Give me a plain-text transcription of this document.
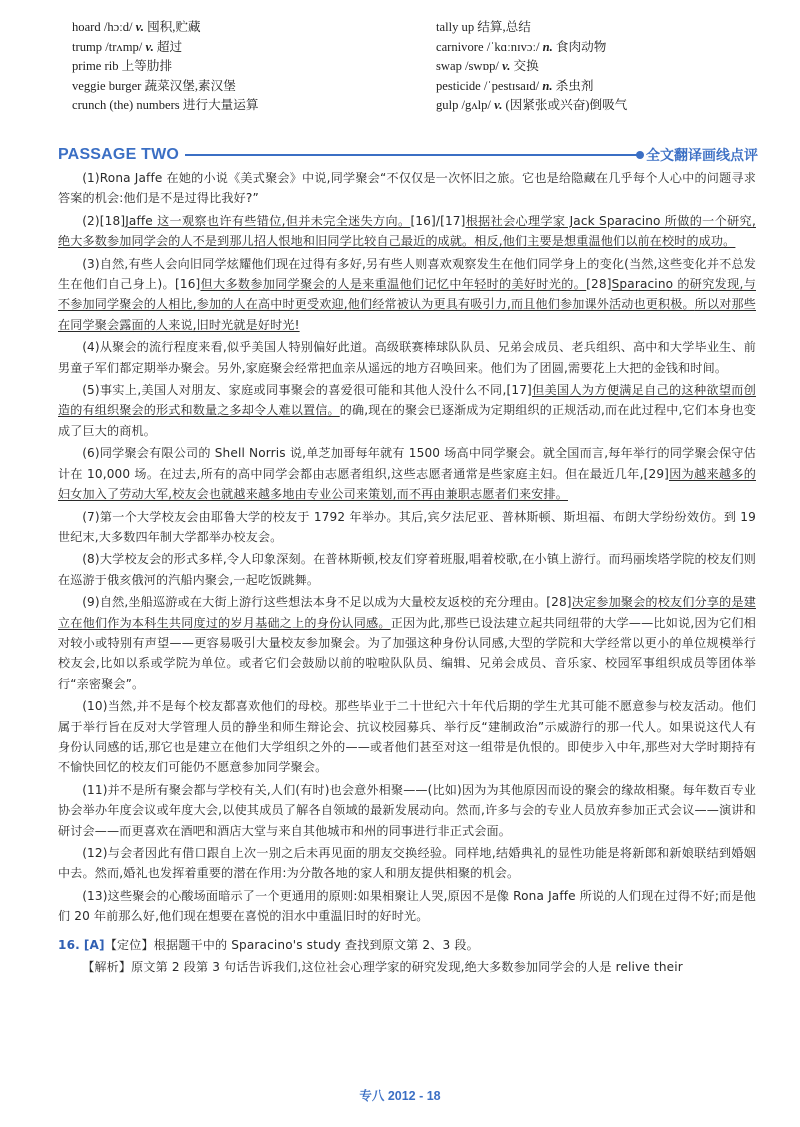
hoard /hɔːd/ v. 囤积,贮藏
trump /trʌmp/ v. 超过
prime rib 上等肋排
veggie burger 蔬菜汉堡,素汉堡
crunch (the) numbers 进行大量运算
tally up 结算,总结
carnivore /ˈkɑːnɪvɔː/ n. 食肉动物
swap /swɒp/ v. 交换
pesticide /ˈpestɪsaɪd/ n. 杀虫剂
gulp /gʌlp/ v. (因紧张或兴奋)倒吸气
PASSAGE TWO	全文翻译画线点评
(1)Rona Jaffe 在她的小说《美式聚会》中说,同学聚会“不仅仅是一次怀旧之旅。它也是给隐藏在几乎每个人心中的问题寻求答案的机会:他们是不是过得比我好?”
(2)[18]Jaffe 这一观察也许有些错位,但并未完全迷失方向。[16]/[17]根据社会心理学家 Jack Sparacino 所做的一个研究,绝大多数参加同学会的人不是到那儿招人恨地和旧同学比较自己最近的成就。相反,他们主要是想重温他们以前在校时的成功。
(3)自然,有些人会向旧同学炫耀他们现在过得有多好,另有些人则喜欢观察发生在他们同学身上的变化(当然,这些变化并不总发生在他们自己身上)。[16]但大多数参加同学聚会的人是来重温他们记忆中年轻时的美好时光的。[28]Sparacino 的研究发现,与不参加同学聚会的人相比,参加的人在高中时更受欢迎,他们经常被认为更具有吸引力,而且他们参加课外活动也更积极。所以对那些在同学聚会露面的人来说,旧时光就是好时光!
(4)从聚会的流行程度来看,似乎美国人特别偏好此道。高级联赛棒球队队员、兄弟会成员、老兵组织、高中和大学毕业生、前男童子军们都定期举办聚会。另外,家庭聚会经常把血亲从遥远的地方召唤回来。他们为了团圆,需要花上大把的金钱和时间。
(5)事实上,美国人对朋友、家庭或同事聚会的喜爱很可能和其他人没什么不同,[17]但美国人为方便满足自己的这种欲望而创造的有组织聚会的形式和数量之多却令人难以置信。的确,现在的聚会已逐渐成为定期组织的正规活动,而在此过程中,它们本身也变成了巨大的商机。
(6)同学聚会有限公司的 Shell Norris 说,单芝加哥每年就有 1500 场高中同学聚会。就全国而言,每年举行的同学聚会保守估计在 10,000 场。在过去,所有的高中同学会都由志愿者组织,这些志愿者通常是些家庭主妇。但在最近几年,[29]因为越来越多的妇女加入了劳动大军,校友会也就越来越多地由专业公司来策划,而不再由兼职志愿者们来安排。
(7)第一个大学校友会由耶鲁大学的校友于 1792 年举办。其后,宾夕法尼亚、普林斯顿、斯坦福、布朗大学纷纷效仿。到 19 世纪末,大多数四年制大学都举办校友会。
(8)大学校友会的形式多样,令人印象深刻。在普林斯顿,校友们穿着班服,唱着校歌,在小镇上游行。而玛丽埃塔学院的校友们则在巡游于俄亥俄河的汽船内聚会,一起吃饭跳舞。
(9)自然,坐船巡游或在大街上游行这些想法本身不足以成为大量校友返校的充分理由。[28]决定参加聚会的校友们分享的是建立在他们作为本科生共同度过的岁月基础之上的身份认同感。正因为此,那些已设法建立起共同纽带的大学——比如说,因为它们相对较小或特别有声望——更容易吸引大量校友参加聚会。为了加强这种身份认同感,大型的学院和大学经常以更小的单位规模举行校友会,比如以系或学院为单位。或者它们会鼓励以前的啦啦队队员、编辑、兄弟会成员、音乐家、校园军事组织成员等团体举行“亲密聚会”。
(10)当然,并不是每个校友都喜欢他们的母校。那些毕业于二十世纪六十年代后期的学生尤其可能不愿意参与校友活动。他们属于举行旨在反对大学管理人员的静坐和师生辩论会、抗议校园募兵、举行反“建制政治”示威游行的那一代人。如果说这代人有身份认同感的话,那它也是建立在他们大学组织之外的——或者他们甚至对这一组带是仇恨的。即使步入中年,那些对大学时期持有不愉快回忆的校友们可能仍不愿意参加同学聚会。
(11)并不是所有聚会都与学校有关,人们(有时)也会意外相聚——(比如)因为为其他原因而设的聚会的缘故相聚。每年数百专业协会举办年度会议或年度大会,以使其成员了解各自领域的最新发展动向。然而,许多与会的专业人员放弃参加正式会议——演讲和研讨会——而更喜欢在酒吧和酒店大堂与来自其他城市和州的同事进行非正式会面。
(12)与会者因此有借口跟自上次一别之后未再见面的朋友交换经验。同样地,结婚典礼的显性功能是将新郎和新娘联结到婚姻中去。然而,婚礼也发挥着重要的潜在作用:为分散各地的家人和朋友提供相聚的机会。
(13)这些聚会的心酸场面暗示了一个更通用的原则:如果相聚让人哭,原因不是像 Rona Jaffe 所说的人们现在过得不好;而是他们 20 年前那么好,他们现在想要在喜悦的泪水中重温旧时的好时光。
16. [A]【定位】根据题干中的 Sparacino's study 查找到原文第 2、3 段。
【解析】原文第 2 段第 3 句话告诉我们,这位社会心理学家的研究发现,绝大多数参加同学会的人是 relive their
专八 2012 - 18
